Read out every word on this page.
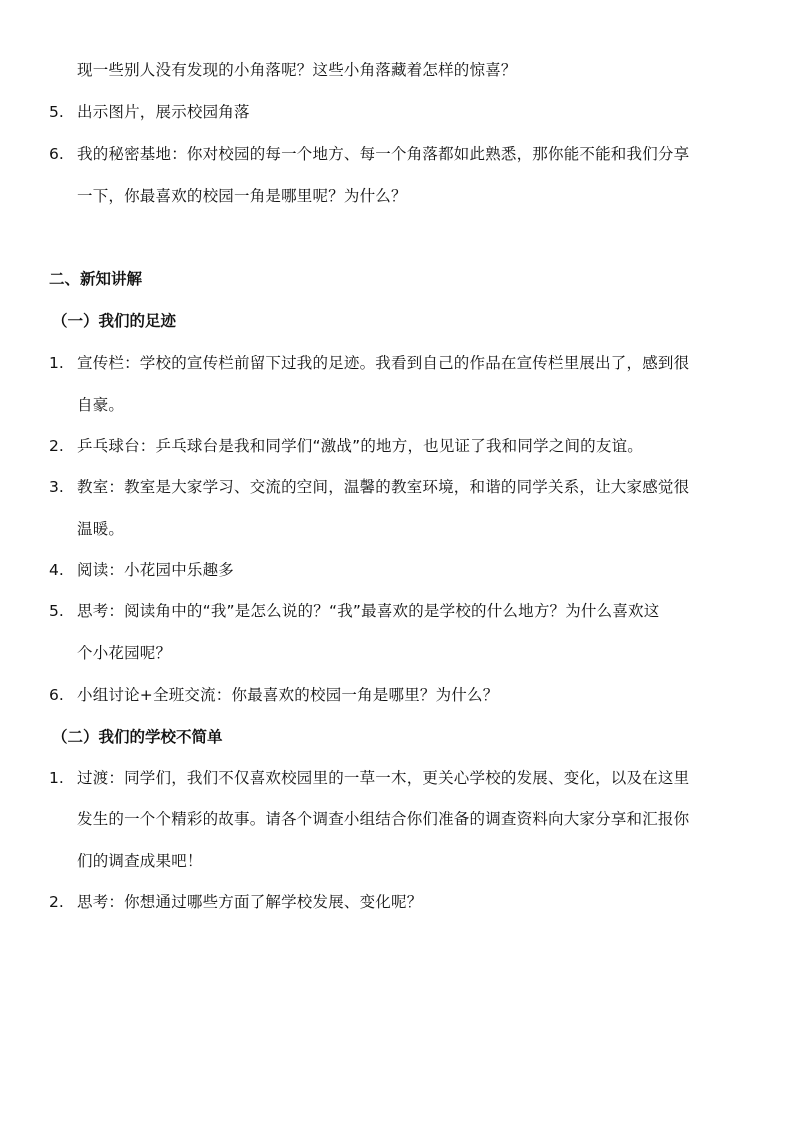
现一些别人没有发现的小角落呢？这些小角落藏着怎样的惊喜？
5. 出示图片，展示校园角落
6. 我的秘密基地：你对校园的每一个地方、每一个角落都如此熟悉，那你能不能和我们分享
一下，你最喜欢的校园一角是哪里呢？为什么？
二、新知讲解
（一）我们的足迹
1. 宣传栏：学校的宣传栏前留下过我的足迹。我看到自己的作品在宣传栏里展出了，感到很
自豪。
2. 乒乓球台：乒乓球台是我和同学们“激战”的地方，也见证了我和同学之间的友谊。
3. 教室：教室是大家学习、交流的空间，温馨的教室环境，和谐的同学关系，让大家感觉很
温暖。
4. 阅读：小花园中乐趣多
5. 思考：阅读角中的“我”是怎么说的？“我”最喜欢的是学校的什么地方？为什么喜欢这
个小花园呢？
6. 小组讨论+全班交流：你最喜欢的校园一角是哪里？为什么？
（二）我们的学校不简单
1. 过渡：同学们，我们不仅喜欢校园里的一草一木，更关心学校的发展、变化，以及在这里
发生的一个个精彩的故事。请各个调查小组结合你们准备的调查资料向大家分享和汇报你
们的调查成果吧！
2. 思考：你想通过哪些方面了解学校发展、变化呢？
